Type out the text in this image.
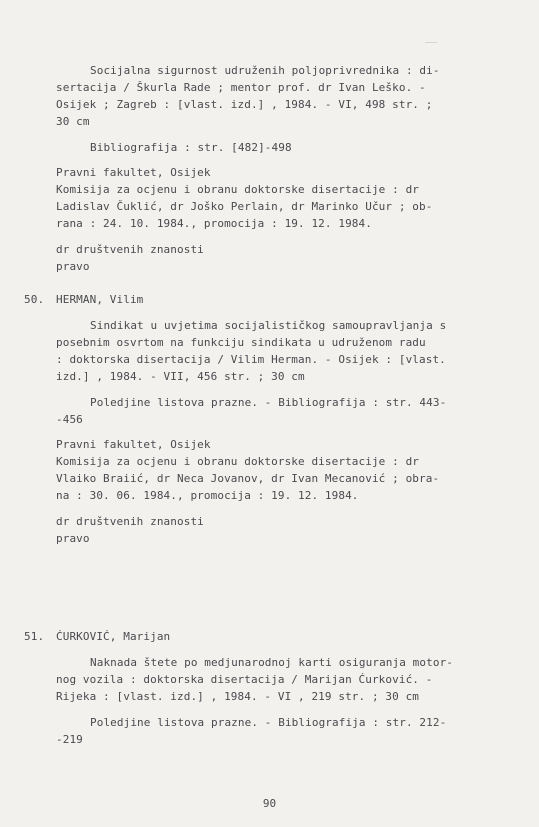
Socijalna sigurnost udruženih poljoprivrednika : di-
sertacija / Škurla Rade ; mentor prof. dr Ivan Leško. -
Osijek ; Zagreb : [vlast. izd.] , 1984. - VI, 498 str. ;
30 cm
Bibliografija : str. [482]-498
Pravni fakultet, Osijek
Komisija za ocjenu i obranu doktorske disertacije : dr
Ladislav Čuklić, dr Joško Perlain, dr Marinko Učur ; ob-
rana : 24. 10. 1984., promocija : 19. 12. 1984.
dr društvenih znanosti
pravo
50. HERMAN, Vilim
Sindikat u uvjetima socijalističkog samoupravljanja s
posebnim osvrtom na funkciju sindikata u udruženom radu
: doktorska disertacija / Vilim Herman. - Osijek : [vlast.
izd.] , 1984. - VII, 456 str. ; 30 cm
Poledjine listova prazne. - Bibliografija : str. 443-
-456
Pravni fakultet, Osijek
Komisija za ocjenu i obranu doktorske disertacije : dr
Vlaiko Braiić, dr Neca Jovanov, dr Ivan Mecanović ; obra-
na : 30. 06. 1984., promocija : 19. 12. 1984.
dr društvenih znanosti
pravo
51. ĆURKOVIĆ, Marijan
Naknada štete po medjunarodnoj karti osiguranja motor-
nog vozila : doktorska disertacija / Marijan Ćurković. -
Rijeka : [vlast. izd.] , 1984. - VI , 219 str. ; 30 cm
Poledjine listova prazne. - Bibliografija : str. 212-
-219
90
